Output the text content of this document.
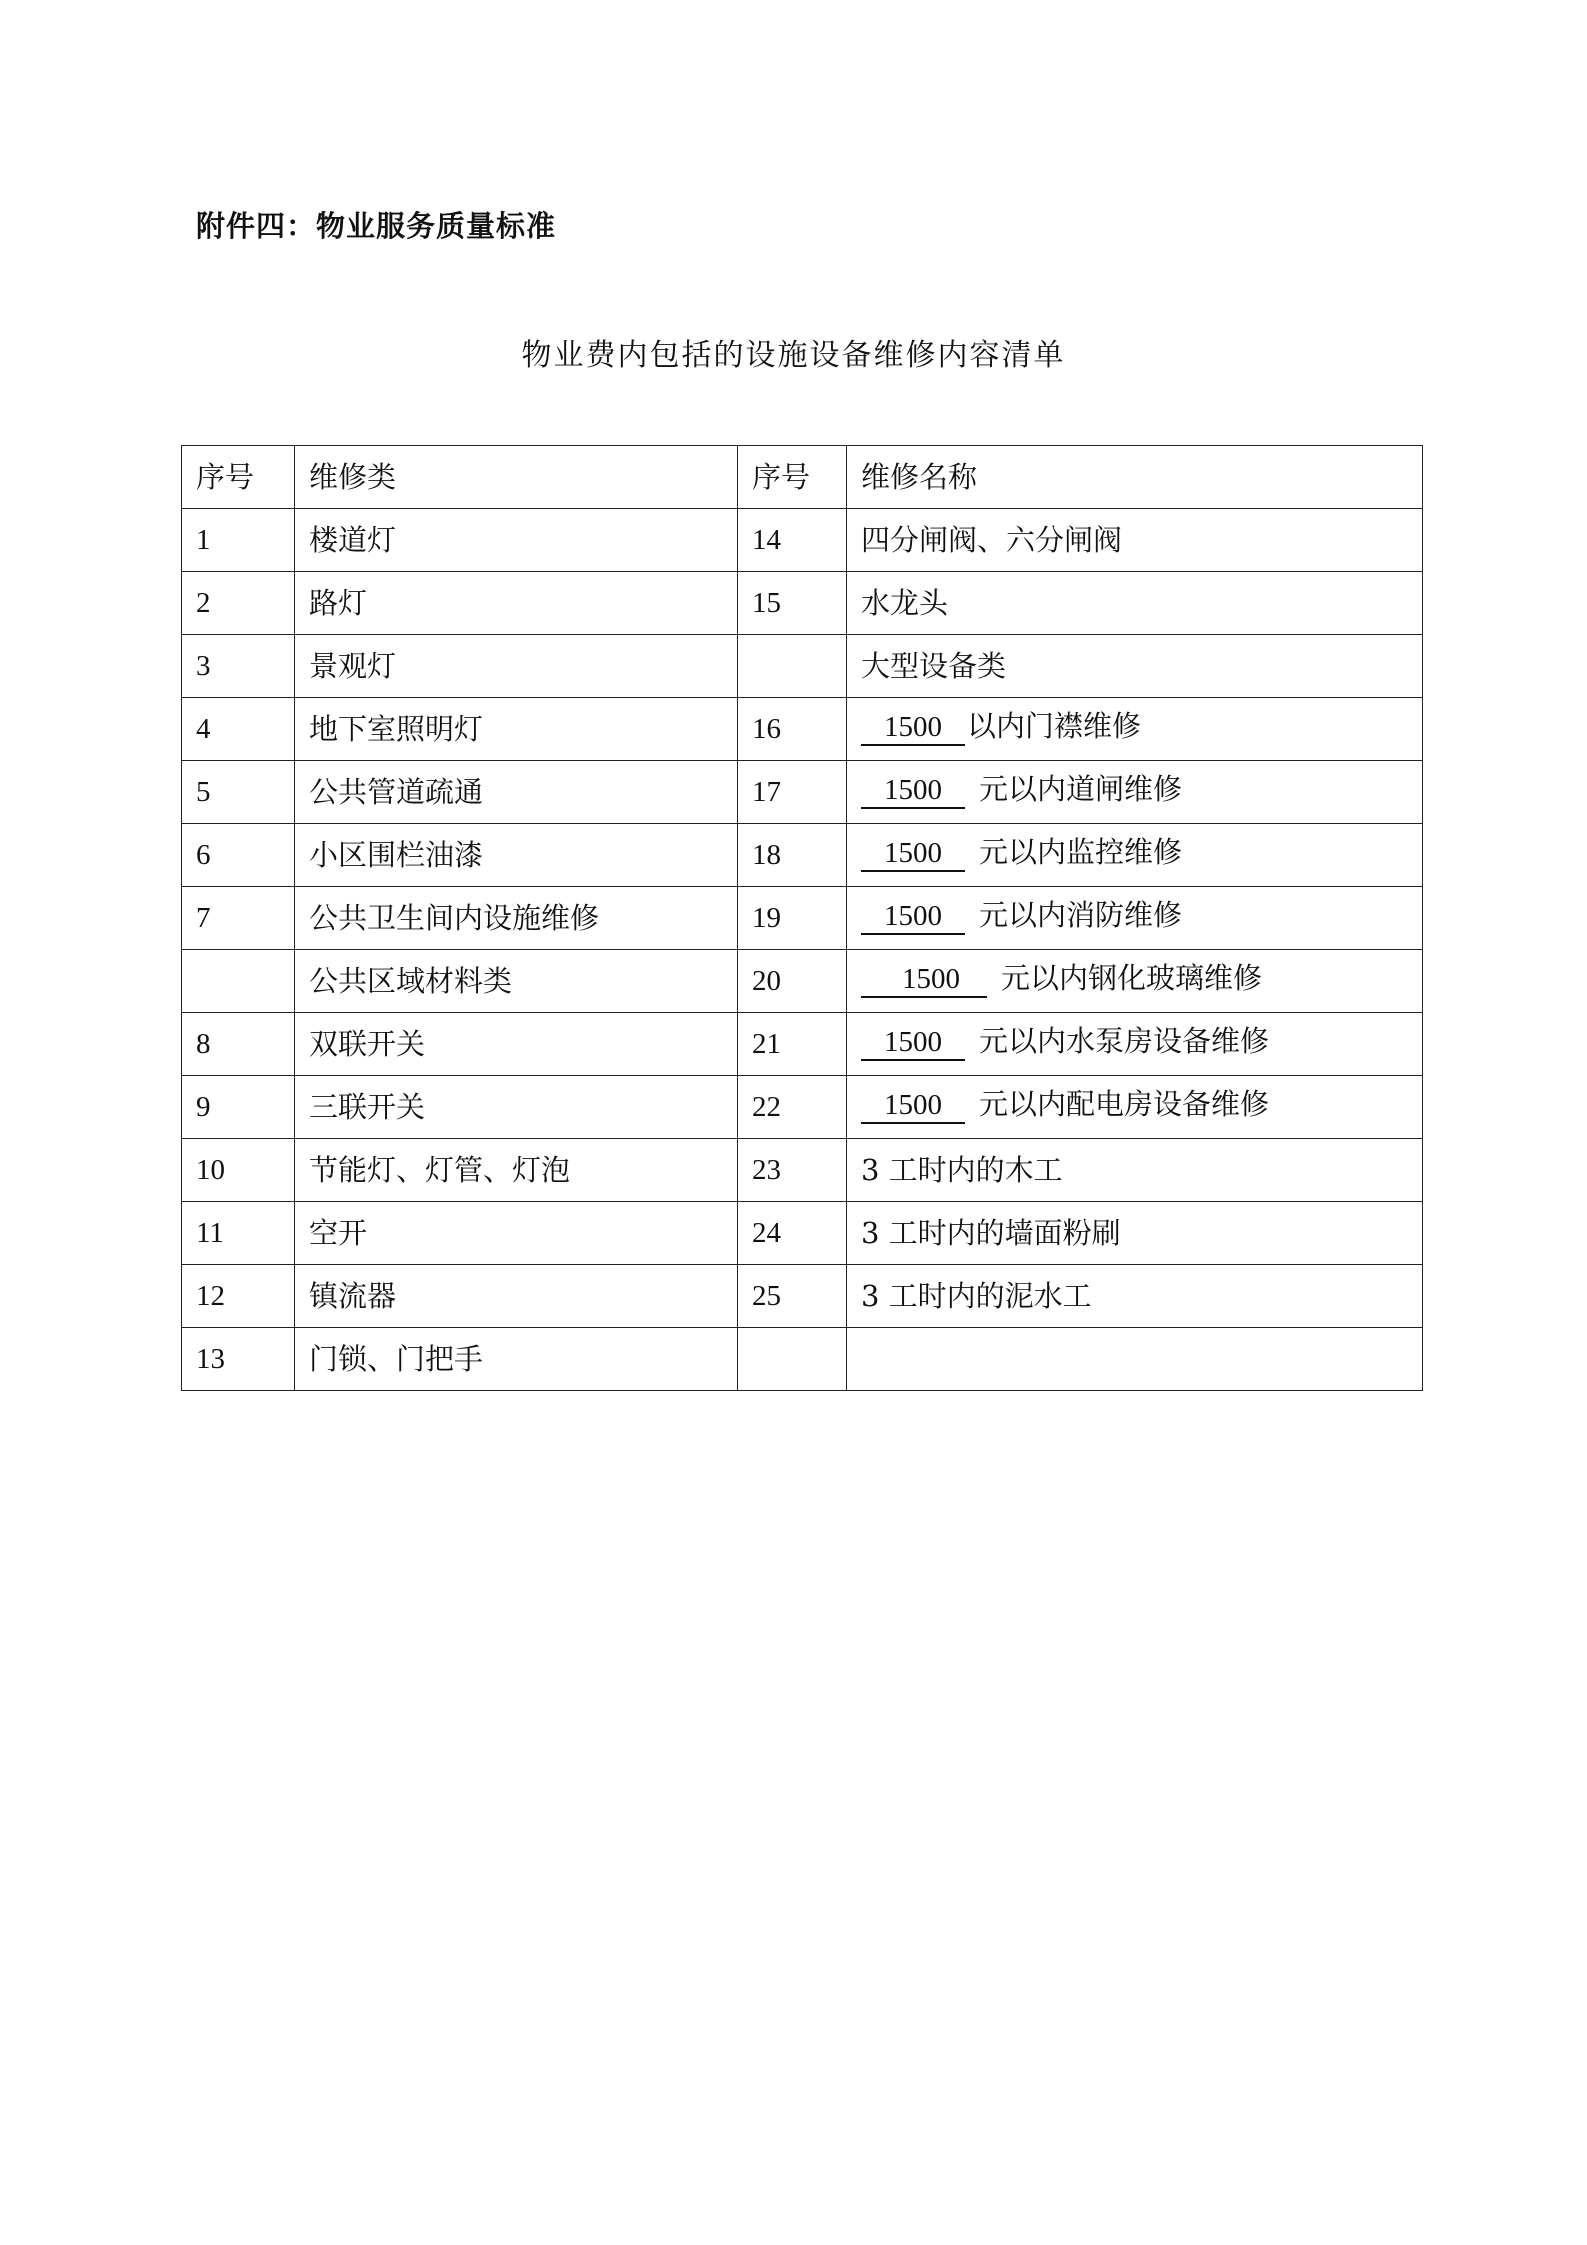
附件四：物业服务质量标准
物业费内包括的设施设备维修内容清单
序号	维修类	序号	维修名称
1	楼道灯	14	四分闸阀、六分闸阀
2	路灯	15	水龙头
3	景观灯		大型设备类
4	地下室照明灯	16	1500 以内门襟维修
5	公共管道疏通	17	1500 元以内道闸维修
6	小区围栏油漆	18	1500 元以内监控维修
7	公共卫生间内设施维修	19	1500 元以内消防维修
	公共区域材料类	20	1500 元以内钢化玻璃维修
8	双联开关	21	1500 元以内水泵房设备维修
9	三联开关	22	1500 元以内配电房设备维修
10	节能灯、灯管、灯泡	23	3 工时内的木工
11	空开	24	3 工时内的墙面粉刷
12	镇流器	25	3 工时内的泥水工
13	门锁、门把手		
